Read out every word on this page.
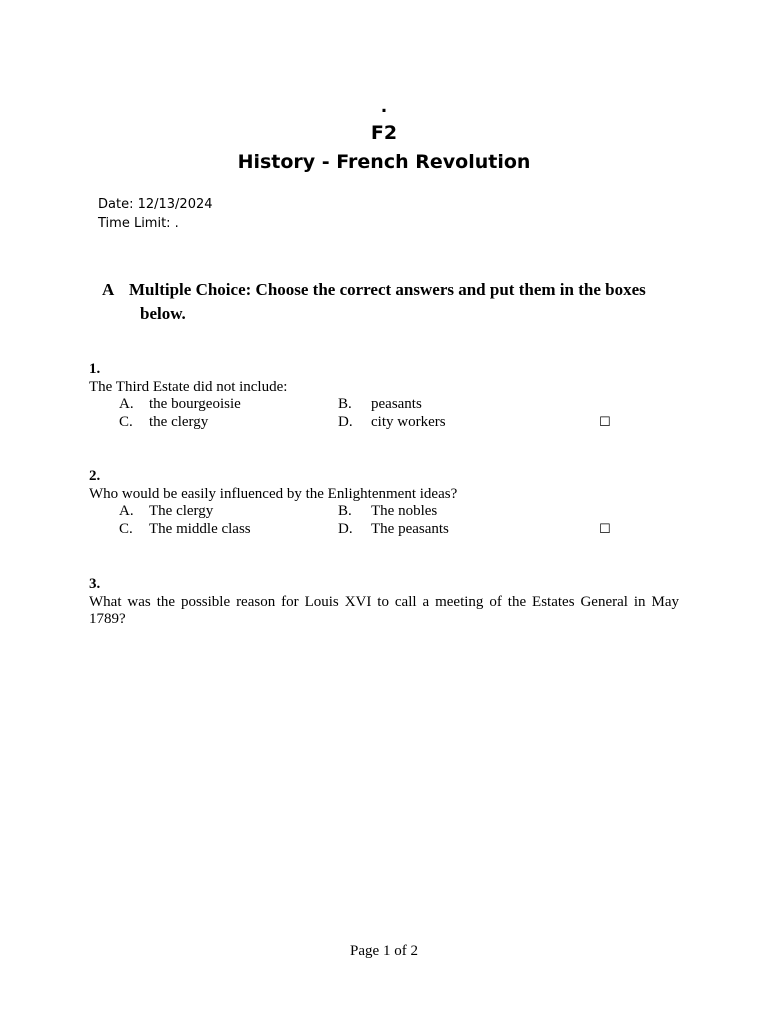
.
F2
History - French Revolution
Date: 12/13/2024
Time Limit: .
A Multiple Choice: Choose the correct answers and put them in the boxes
below.
1.
The Third Estate did not include:
A. the bourgeoisie	B. peasants
C. the clergy	D. city workers	☐
2.
Who would be easily influenced by the Enlightenment ideas?
A. The clergy	B. The nobles
C. The middle class	D. The peasants	☐
3.
What was the possible reason for Louis XVI to call a meeting of the Estates General in May 1789?
Page 1 of 2
